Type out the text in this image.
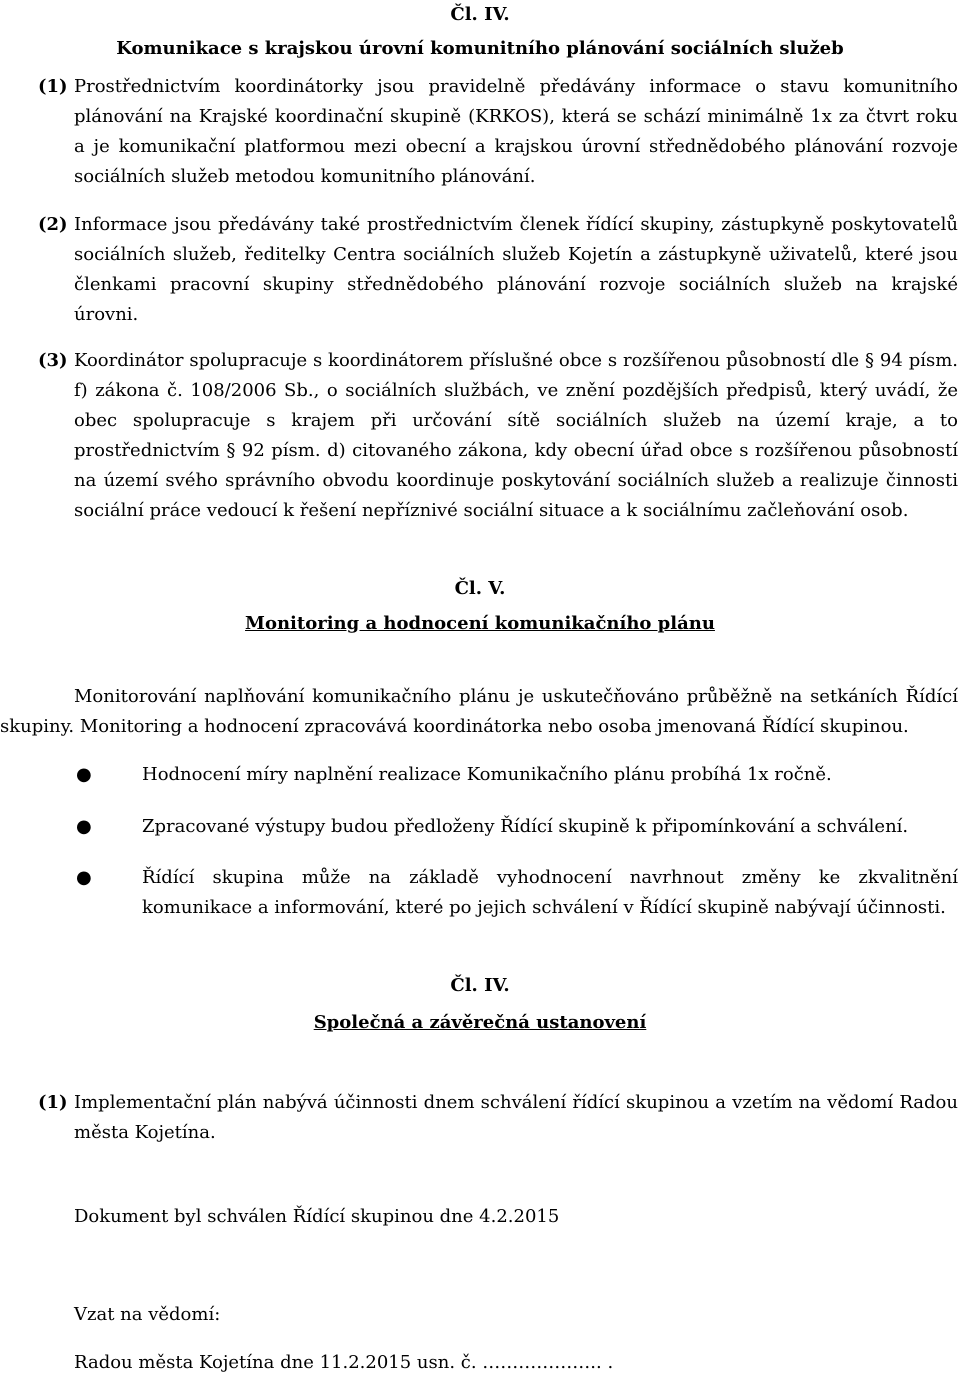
Čl. IV.
Komunikace s krajskou úrovní komunitního plánování sociálních služeb
(1) Prostřednictvím koordinátorky jsou pravidelně předávány informace o stavu komunitního plánování na Krajské koordinační skupině (KRKOS), která se schází minimálně 1x za čtvrt roku a je komunikační platformou mezi obecní a krajskou úrovní střednědobého plánování rozvoje sociálních služeb metodou komunitního plánování.
(2) Informace jsou předávány také prostřednictvím členek řídící skupiny, zástupkyně poskytovatelů sociálních služeb, ředitelky Centra sociálních služeb Kojetín a zástupkyně uživatelů, které jsou členkami pracovní skupiny střednědobého plánování rozvoje sociálních služeb na krajské úrovni.
(3) Koordinátor spolupracuje s koordinátorem příslušné obce s rozšířenou působností dle § 94 písm. f) zákona č. 108/2006 Sb., o sociálních službách, ve znění pozdějších předpisů, který uvádí, že obec spolupracuje s krajem při určování sítě sociálních služeb na území kraje, a to prostřednictvím § 92 písm. d) citovaného zákona, kdy obecní úřad obce s rozšířenou působností na území svého správního obvodu koordinuje poskytování sociálních služeb a realizuje činnosti sociální práce vedoucí k řešení nepříznivé sociální situace a k sociálnímu začleňování osob.
Čl. V.
Monitoring a hodnocení komunikačního plánu
Monitorování naplňování komunikačního plánu je uskutečňováno průběžně na setkáních Řídící skupiny. Monitoring a hodnocení zpracovává koordinátorka nebo osoba jmenovaná Řídící skupinou.
●	Hodnocení míry naplnění realizace Komunikačního plánu probíhá 1x ročně.
●	Zpracované výstupy budou předloženy Řídící skupině k připomínkování a schválení.
●	Řídící skupina může na základě vyhodnocení navrhnout změny ke zkvalitnění komunikace a informování, které po jejich schválení v Řídící skupině nabývají účinnosti.
Čl. IV.
Společná a závěrečná ustanovení
(1) Implementační plán nabývá účinnosti dnem schválení řídící skupinou a vzetím na vědomí Radou města Kojetína.
Dokument byl schválen Řídící skupinou dne 4.2.2015
Vzat na vědomí:
Radou města Kojetína dne 11.2.2015 usn. č. ……………….. .
